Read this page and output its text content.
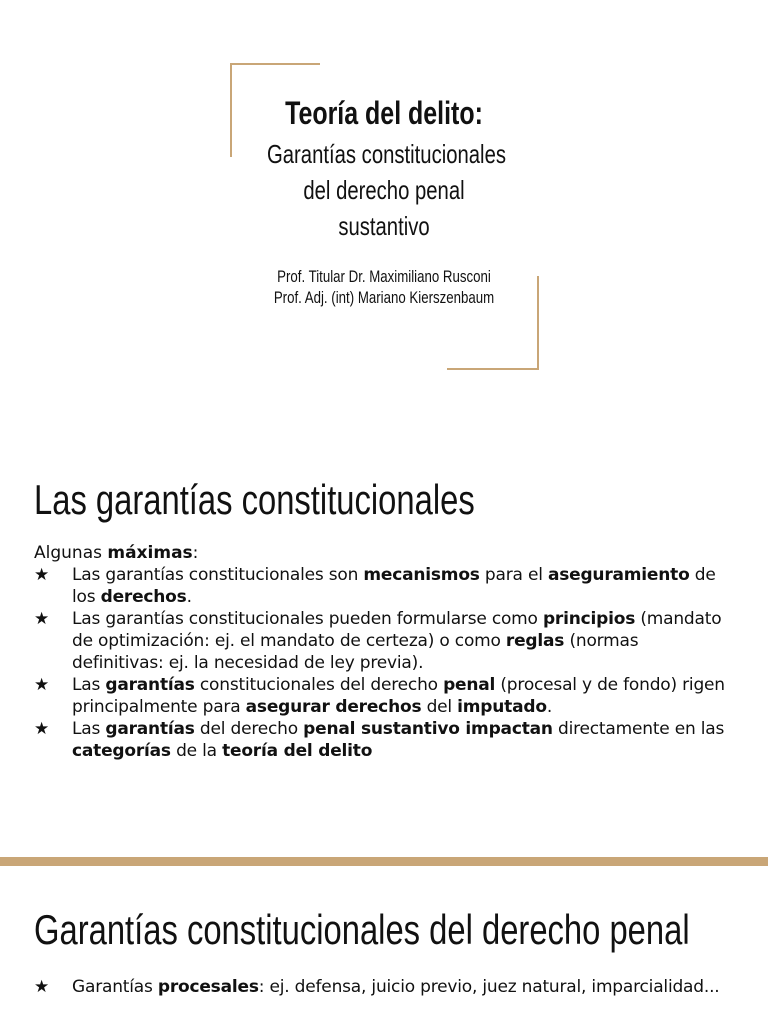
Teoría del delito:
Garantías constitucionales
del derecho penal
sustantivo
Prof. Titular Dr. Maximiliano Rusconi
Prof. Adj. (int) Mariano Kierszenbaum
Las garantías constitucionales
Algunas máximas:
★ Las garantías constitucionales son mecanismos para el aseguramiento de los derechos.
★ Las garantías constitucionales pueden formularse como principios (mandato de optimización: ej. el mandato de certeza) o como reglas (normas definitivas: ej. la necesidad de ley previa).
★ Las garantías constitucionales del derecho penal (procesal y de fondo) rigen principalmente para asegurar derechos del imputado.
★ Las garantías del derecho penal sustantivo impactan directamente en las categorías de la teoría del delito
Garantías constitucionales del derecho penal
★ Garantías procesales: ej. defensa, juicio previo, juez natural, imparcialidad...
